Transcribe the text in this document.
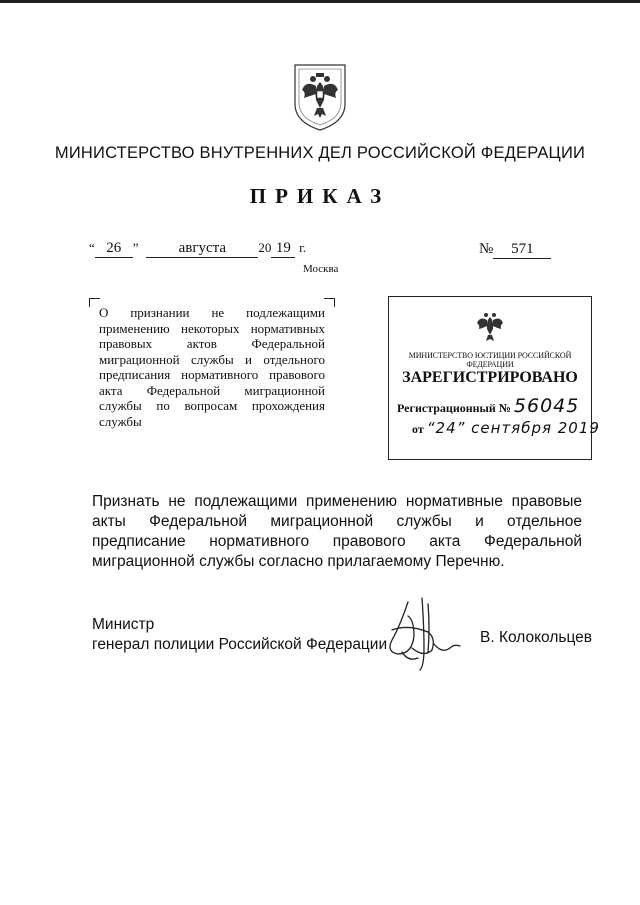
МИНИСТЕРСТВО ВНУТРЕННИХ ДЕЛ РОССИЙСКОЙ ФЕДЕРАЦИИ
ПРИКАЗ
“ 26 ”	августа 20 19 г.
Москва
№ 571
О признании не подлежащими применению некоторых нормативных правовых актов Федеральной миграционной службы и отдельного предписания нормативного правового акта Федеральной миграционной службы по вопросам прохождения службы
МИНИСТЕРСТВО ЮСТИЦИИ РОССИЙСКОЙ ФЕДЕРАЦИИ
ЗАРЕГИСТРИРОВАНО
Регистрационный № 56045
от “24” сентября 2019
Признать не подлежащими применению нормативные правовые акты Федеральной миграционной службы и отдельное предписание нормативного правового акта Федеральной миграционной службы согласно прилагаемому Перечню.
Министр
генерал полиции Российской Федерации	В. Колокольцев
